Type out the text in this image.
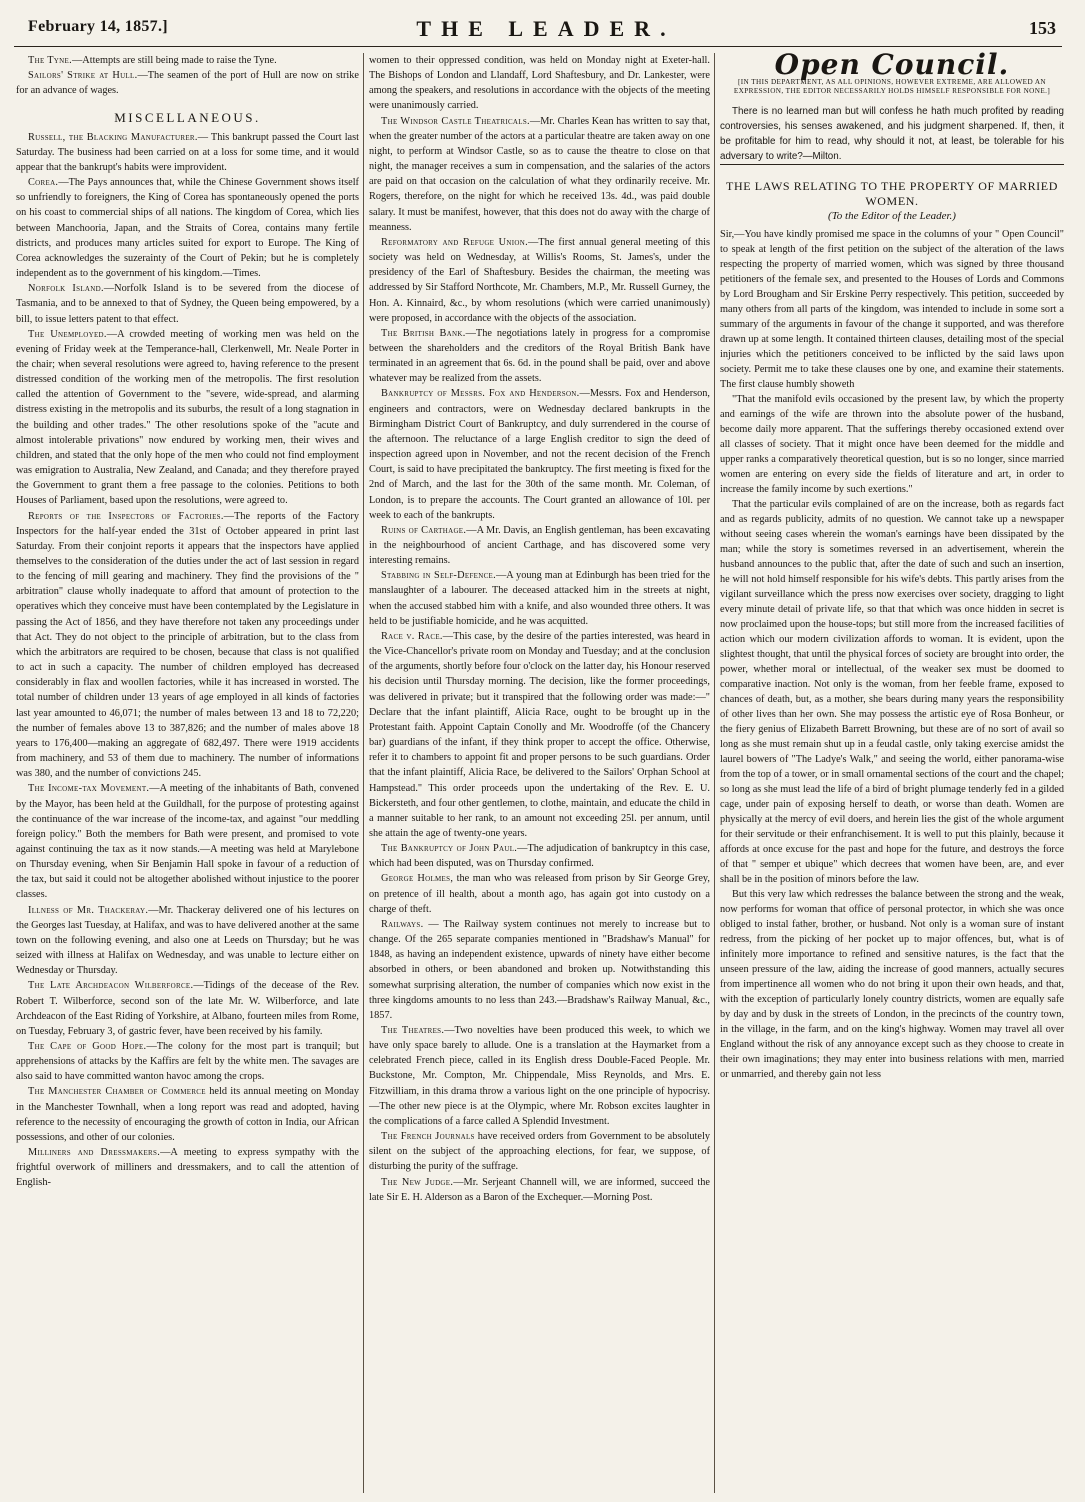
February 14, 1857.]	THE LEADER.	153

The Tyne.—Attempts are still being made to raise the Tyne.

Sailors' Strike at Hull.—The seamen of the port of Hull are now on strike for an advance of wages.

MISCELLANEOUS.

Russell, the Blacking Manufacturer.— This bankrupt passed the Court last Saturday. The business had been carried on at a loss for some time, and it would appear that the bankrupt's habits were improvident.

Corea.—The Pays announces that, while the Chinese Government shows itself so unfriendly to foreigners, the King of Corea has spontaneously opened the ports on his coast to commercial ships of all nations. The kingdom of Corea, which lies between Manchooria, Japan, and the Straits of Corea, contains many fertile districts, and produces many articles suited for export to Europe. The King of Corea acknowledges the suzerainty of the Court of Pekin; but he is completely independent as to the government of his kingdom.—Times.

Norfolk Island.—Norfolk Island is to be severed from the diocese of Tasmania, and to be annexed to that of Sydney, the Queen being empowered, by a bill, to issue letters patent to that effect.

The Unemployed.—A crowded meeting of working men was held on the evening of Friday week at the Temperance-hall, Clerkenwell, Mr. Neale Porter in the chair; when several resolutions were agreed to, having reference to the present distressed condition of the working men of the metropolis. The first resolution called the attention of Government to the "severe, wide-spread, and alarming distress existing in the metropolis and its suburbs, the result of a long stagnation in the building and other trades." The other resolutions spoke of the "acute and almost intolerable privations" now endured by working men, their wives and children, and stated that the only hope of the men who could not find employment was emigration to Australia, New Zealand, and Canada; and they therefore prayed the Government to grant them a free passage to the colonies. Petitions to both Houses of Parliament, based upon the resolutions, were agreed to.

Reports of the Inspectors of Factories.—The reports of the Factory Inspectors for the half-year ended the 31st of October appeared in print last Saturday. From their conjoint reports it appears that the inspectors have applied themselves to the consideration of the duties under the act of last session in regard to the fencing of mill gearing and machinery. They find the provisions of the " arbitration" clause wholly inadequate to afford that amount of protection to the operatives which they conceive must have been contemplated by the Legislature in passing the Act of 1856, and they have therefore not taken any proceedings under that Act. They do not object to the principle of arbitration, but to the class from which the arbitrators are required to be chosen, because that class is not qualified to act in such a capacity. The number of children employed has decreased considerably in flax and woollen factories, while it has increased in worsted. The total number of children under 13 years of age employed in all kinds of factories last year amounted to 46,071; the number of males between 13 and 18 to 72,220; the number of females above 13 to 387,826; and the number of males above 18 years to 176,400—making an aggregate of 682,497. There were 1919 accidents from machinery, and 53 of them due to machinery. The number of informations was 380, and the number of convictions 245.

The Income-tax Movement.—A meeting of the inhabitants of Bath, convened by the Mayor, has been held at the Guildhall, for the purpose of protesting against the continuance of the war increase of the income-tax, and against "our meddling foreign policy." Both the members for Bath were present, and promised to vote against continuing the tax as it now stands.—A meeting was held at Marylebone on Thursday evening, when Sir Benjamin Hall spoke in favour of a reduction of the tax, but said it could not be altogether abolished without injustice to the poorer classes.

Illness of Mr. Thackeray.—Mr. Thackeray delivered one of his lectures on the Georges last Tuesday, at Halifax, and was to have delivered another at the same town on the following evening, and also one at Leeds on Thursday; but he was seized with illness at Halifax on Wednesday, and was unable to lecture either on Wednesday or Thursday.

The Late Archdeacon Wilberforce.—Tidings of the decease of the Rev. Robert T. Wilberforce, second son of the late Mr. W. Wilberforce, and late Archdeacon of the East Riding of Yorkshire, at Albano, fourteen miles from Rome, on Tuesday, February 3, of gastric fever, have been received by his family.

The Cape of Good Hope.—The colony for the most part is tranquil; but apprehensions of attacks by the Kaffirs are felt by the white men. The savages are also said to have committed wanton havoc among the crops.

The Manchester Chamber of Commerce held its annual meeting on Monday in the Manchester Townhall, when a long report was read and adopted, having reference to the necessity of encouraging the growth of cotton in India, our African possessions, and other of our colonies.

Milliners and Dressmakers.—A meeting to express sympathy with the frightful overwork of milliners and dressmakers, and to call the attention of English-

women to their oppressed condition, was held on Monday night at Exeter-hall. The Bishops of London and Llandaff, Lord Shaftesbury, and Dr. Lankester, were among the speakers, and resolutions in accordance with the objects of the meeting were unanimously carried.

The Windsor Castle Theatricals.—Mr. Charles Kean has written to say that, when the greater number of the actors at a particular theatre are taken away on one night, to perform at Windsor Castle, so as to cause the theatre to close on that night, the manager receives a sum in compensation, and the salaries of the actors are paid on that occasion on the calculation of what they ordinarily receive. Mr. Rogers, therefore, on the night for which he received 13s. 4d., was paid double salary. It must be manifest, however, that this does not do away with the charge of meanness.

Reformatory and Refuge Union.—The first annual general meeting of this society was held on Wednesday, at Willis's Rooms, St. James's, under the presidency of the Earl of Shaftesbury. Besides the chairman, the meeting was addressed by Sir Stafford Northcote, Mr. Chambers, M.P., Mr. Russell Gurney, the Hon. A. Kinnaird, &c., by whom resolutions (which were carried unanimously) were proposed, in accordance with the objects of the association.

The British Bank.—The negotiations lately in progress for a compromise between the shareholders and the creditors of the Royal British Bank have terminated in an agreement that 6s. 6d. in the pound shall be paid, over and above whatever may be realized from the assets.

Bankruptcy of Messrs. Fox and Henderson.—Messrs. Fox and Henderson, engineers and contractors, were on Wednesday declared bankrupts in the Birmingham District Court of Bankruptcy, and duly surrendered in the course of the afternoon. The reluctance of a large English creditor to sign the deed of inspection agreed upon in November, and not the recent decision of the French Court, is said to have precipitated the bankruptcy. The first meeting is fixed for the 2nd of March, and the last for the 30th of the same month. Mr. Coleman, of London, is to prepare the accounts. The Court granted an allowance of 10l. per week to each of the bankrupts.

Ruins of Carthage.—A Mr. Davis, an English gentleman, has been excavating in the neighbourhood of ancient Carthage, and has discovered some very interesting remains.

Stabbing in Self-Defence.—A young man at Edinburgh has been tried for the manslaughter of a labourer. The deceased attacked him in the streets at night, when the accused stabbed him with a knife, and also wounded three others. It was held to be justifiable homicide, and he was acquitted.

Race v. Race.—This case, by the desire of the parties interested, was heard in the Vice-Chancellor's private room on Monday and Tuesday; and at the conclusion of the arguments, shortly before four o'clock on the latter day, his Honour reserved his decision until Thursday morning. The decision, like the former proceedings, was delivered in private; but it transpired that the following order was made:—" Declare that the infant plaintiff, Alicia Race, ought to be brought up in the Protestant faith. Appoint Captain Conolly and Mr. Woodroffe (of the Chancery bar) guardians of the infant, if they think proper to accept the office. Otherwise, refer it to chambers to appoint fit and proper persons to be such guardians. Order that the infant plaintiff, Alicia Race, be delivered to the Sailors' Orphan School at Hampstead." This order proceeds upon the undertaking of the Rev. E. U. Bickersteth, and four other gentlemen, to clothe, maintain, and educate the child in a manner suitable to her rank, to an amount not exceeding 25l. per annum, until she attain the age of twenty-one years.

The Bankruptcy of John Paul.—The adjudication of bankruptcy in this case, which had been disputed, was on Thursday confirmed.

George Holmes, the man who was released from prison by Sir George Grey, on pretence of ill health, about a month ago, has again got into custody on a charge of theft.

Railways. — The Railway system continues not merely to increase but to change. Of the 265 separate companies mentioned in "Bradshaw's Manual" for 1848, as having an independent existence, upwards of ninety have either become absorbed in others, or been abandoned and broken up. Notwithstanding this somewhat surprising alteration, the number of companies which now exist in the three kingdoms amounts to no less than 243.—Bradshaw's Railway Manual, &c., 1857.

The Theatres.—Two novelties have been produced this week, to which we have only space barely to allude. One is a translation at the Haymarket from a celebrated French piece, called in its English dress Double-Faced People. Mr. Buckstone, Mr. Compton, Mr. Chippendale, Miss Reynolds, and Mrs. E. Fitzwilliam, in this drama throw a various light on the one principle of hypocrisy.—The other new piece is at the Olympic, where Mr. Robson excites laughter in the complications of a farce called A Splendid Investment.

The French Journals have received orders from Government to be absolutely silent on the subject of the approaching elections, for fear, we suppose, of disturbing the purity of the suffrage.

The New Judge.—Mr. Serjeant Channell will, we are informed, succeed the late Sir E. H. Alderson as a Baron of the Exchequer.—Morning Post.

Open Council.
[IN THIS DEPARTMENT, AS ALL OPINIONS, HOWEVER EXTREME, ARE ALLOWED AN EXPRESSION, THE EDITOR NECESSARILY HOLDS HIMSELF RESPONSIBLE FOR NONE.]

There is no learned man but will confess he hath much profited by reading controversies, his senses awakened, and his judgment sharpened. If, then, it be profitable for him to read, why should it not, at least, be tolerable for his adversary to write?—Milton.

THE LAWS RELATING TO THE PROPERTY OF MARRIED WOMEN.
(To the Editor of the Leader.)

Sir,—You have kindly promised me space in the columns of your " Open Council" to speak at length of the first petition on the subject of the alteration of the laws respecting the property of married women, which was signed by three thousand petitioners of the female sex, and presented to the Houses of Lords and Commons by Lord Brougham and Sir Erskine Perry respectively. This petition, succeeded by many others from all parts of the kingdom, was intended to include in some sort a summary of the arguments in favour of the change it supported, and was therefore drawn up at some length. It contained thirteen clauses, detailing most of the special injuries which the petitioners conceived to be inflicted by the said laws upon society. Permit me to take these clauses one by one, and examine their statements. The first clause humbly showeth

"That the manifold evils occasioned by the present law, by which the property and earnings of the wife are thrown into the absolute power of the husband, become daily more apparent. That the sufferings thereby occasioned extend over all classes of society. That it might once have been deemed for the middle and upper ranks a comparatively theoretical question, but is so no longer, since married women are entering on every side the fields of literature and art, in order to increase the family income by such exertions."

That the particular evils complained of are on the increase, both as regards fact and as regards publicity, admits of no question. We cannot take up a newspaper without seeing cases wherein the woman's earnings have been dissipated by the man; while the story is sometimes reversed in an advertisement, wherein the husband announces to the public that, after the date of such and such an insertion, he will not hold himself responsible for his wife's debts. This partly arises from the vigilant surveillance which the press now exercises over society, dragging to light every minute detail of private life, so that that which was once hidden in secret is now proclaimed upon the house-tops; but still more from the increased facilities of action which our modern civilization affords to woman. It is evident, upon the slightest thought, that until the physical forces of society are brought into order, the power, whether moral or intellectual, of the weaker sex must be doomed to comparative inaction. Not only is the woman, from her feeble frame, exposed to chances of death, but, as a mother, she bears during many years the responsibility of other lives than her own. She may possess the artistic eye of Rosa Bonheur, or the fiery genius of Elizabeth Barrett Browning, but these are of no sort of avail so long as she must remain shut up in a feudal castle, only taking exercise amidst the laurel bowers of "The Ladye's Walk," and seeing the world, either panorama-wise from the top of a tower, or in small ornamental sections of the court and the chapel; so long as she must lead the life of a bird of bright plumage tenderly fed in a gilded cage, under pain of exposing herself to death, or worse than death. Women are physically at the mercy of evil doers, and herein lies the gist of the whole argument for their servitude or their enfranchisement. It is well to put this plainly, because it affords at once excuse for the past and hope for the future, and destroys the force of that " semper et ubique" which decrees that women have been, are, and ever shall be in the position of minors before the law.

But this very law which redresses the balance between the strong and the weak, now performs for woman that office of personal protector, in which she was once obliged to instal father, brother, or husband. Not only is a woman sure of instant redress, from the picking of her pocket up to major offences, but, what is of infinitely more importance to refined and sensitive natures, is the fact that the unseen pressure of the law, aiding the increase of good manners, actually secures from impertinence all women who do not bring it upon their own heads, and that, with the exception of particularly lonely country districts, women are equally safe by day and by dusk in the streets of London, in the precincts of the country town, in the village, in the farm, and on the king's highway. Women may travel all over England without the risk of any annoyance except such as they choose to create in their own imaginations; they may enter into business relations with men, married or unmarried, and thereby gain not less
